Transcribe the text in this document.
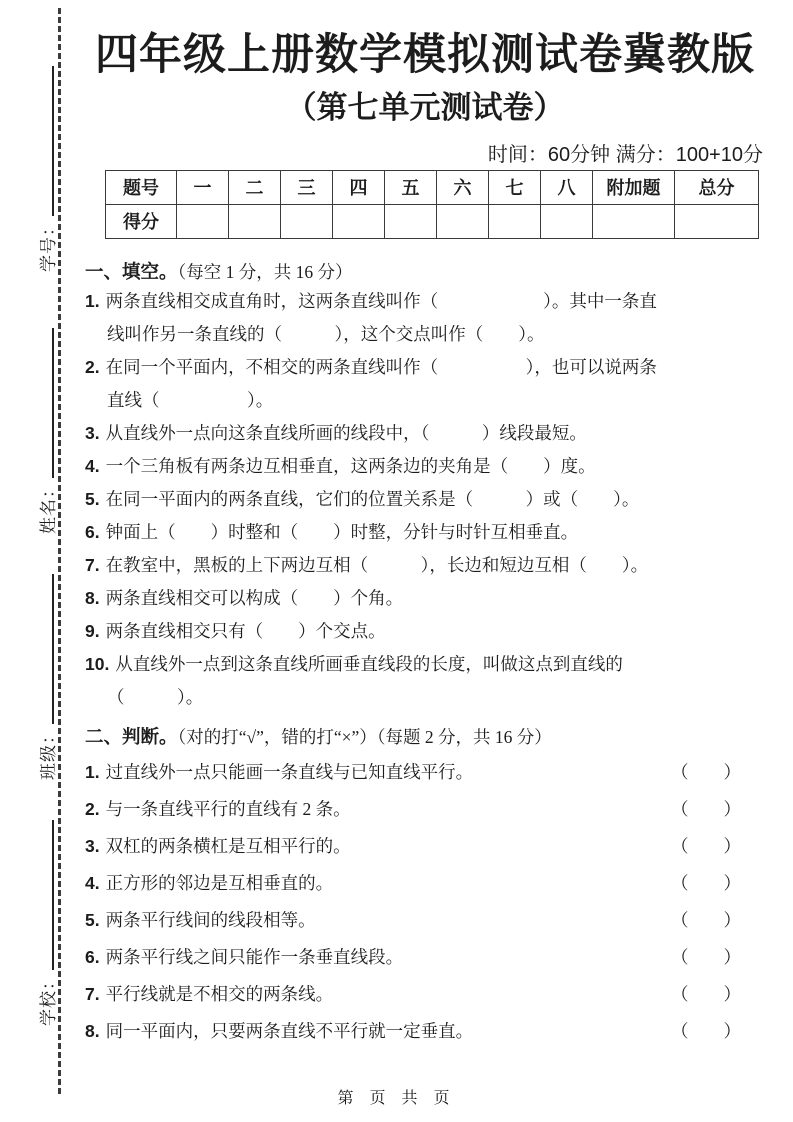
学校：
班级：
姓名：
学号：
四年级上册数学模拟测试卷冀教版
（第七单元测试卷）
时间：60分钟 满分：100+10分
题号	一	二	三	四	五	六	七	八	附加题	总分
得分										
一、填空。（每空 1 分，共 16 分）
1. 两条直线相交成直角时，这两条直线叫作（　　　　　　）。其中一条直
线叫作另一条直线的（　　　），这个交点叫作（　　）。
2. 在同一个平面内，不相交的两条直线叫作（　　　　　），也可以说两条
直线（　　　　　）。
3. 从直线外一点向这条直线所画的线段中，（　　　）线段最短。
4. 一个三角板有两条边互相垂直，这两条边的夹角是（　　）度。
5. 在同一平面内的两条直线，它们的位置关系是（　　　）或（　　）。
6. 钟面上（　　）时整和（　　）时整，分针与时针互相垂直。
7. 在教室中，黑板的上下两边互相（　　　），长边和短边互相（　　）。
8. 两条直线相交可以构成（　　）个角。
9. 两条直线相交只有（　　）个交点。
10. 从直线外一点到这条直线所画垂直线段的长度，叫做这点到直线的
（　　　）。
二、判断。（对的打“√”，错的打“×”）（每题 2 分，共 16 分）
1. 过直线外一点只能画一条直线与已知直线平行。	（　　）
2. 与一条直线平行的直线有 2 条。	（　　）
3. 双杠的两条横杠是互相平行的。	（　　）
4. 正方形的邻边是互相垂直的。	（　　）
5. 两条平行线间的线段相等。	（　　）
6. 两条平行线之间只能作一条垂直线段。	（　　）
7. 平行线就是不相交的两条线。	（　　）
8. 同一平面内，只要两条直线不平行就一定垂直。	（　　）
第 页 共 页
